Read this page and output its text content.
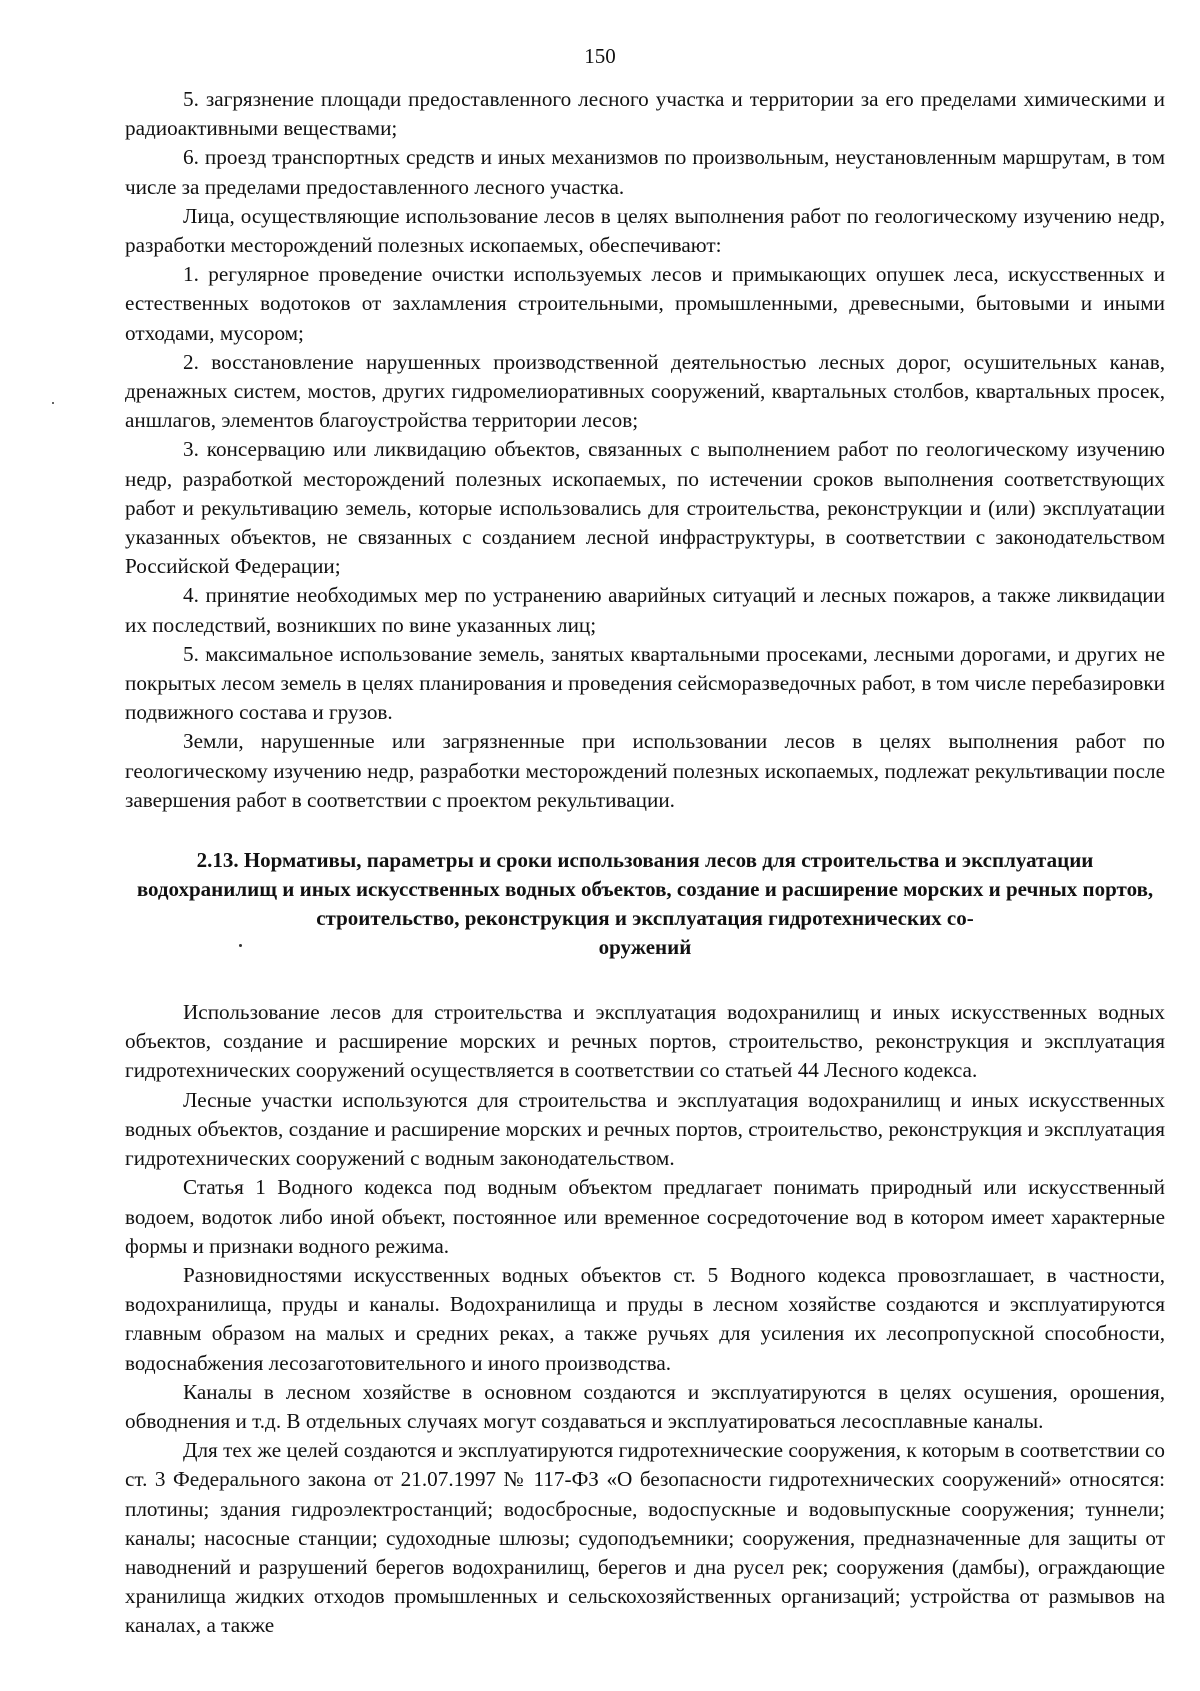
150

5. загрязнение площади предоставленного лесного участка и территории за его пределами химическими и радиоактивными веществами;

6. проезд транспортных средств и иных механизмов по произвольным, неустановленным маршрутам, в том числе за пределами предоставленного лесного участка.

Лица, осуществляющие использование лесов в целях выполнения работ по геологическому изучению недр, разработки месторождений полезных ископаемых, обеспечивают:

1. регулярное проведение очистки используемых лесов и примыкающих опушек леса, искусственных и естественных водотоков от захламления строительными, промышленными, древесными, бытовыми и иными отходами, мусором;

2. восстановление нарушенных производственной деятельностью лесных дорог, осушительных канав, дренажных систем, мостов, других гидромелиоративных сооружений, квартальных столбов, квартальных просек, аншлагов, элементов благоустройства территории лесов;

3. консервацию или ликвидацию объектов, связанных с выполнением работ по геологическому изучению недр, разработкой месторождений полезных ископаемых, по истечении сроков выполнения соответствующих работ и рекультивацию земель, которые использовались для строительства, реконструкции и (или) эксплуатации указанных объектов, не связанных с созданием лесной инфраструктуры, в соответствии с законодательством Российской Федерации;

4. принятие необходимых мер по устранению аварийных ситуаций и лесных пожаров, а также ликвидации их последствий, возникших по вине указанных лиц;

5. максимальное использование земель, занятых квартальными просеками, лесными дорогами, и других не покрытых лесом земель в целях планирования и проведения сейсморазведочных работ, в том числе перебазировки подвижного состава и грузов.

Земли, нарушенные или загрязненные при использовании лесов в целях выполнения работ по геологическому изучению недр, разработки месторождений полезных ископаемых, подлежат рекультивации после завершения работ в соответствии с проектом рекультивации.

2.13. Нормативы, параметры и сроки использования лесов для строительства и эксплуатации водохранилищ и иных искусственных водных объектов, создание и расширение морских и речных портов, строительство, реконструкция и эксплуатация гидротехнических со-
оружений

Использование лесов для строительства и эксплуатация водохранилищ и иных искусственных водных объектов, создание и расширение морских и речных портов, строительство, реконструкция и эксплуатация гидротехнических сооружений осуществляется в соответствии со статьей 44 Лесного кодекса.

Лесные участки используются для строительства и эксплуатация водохранилищ и иных искусственных водных объектов, создание и расширение морских и речных портов, строительство, реконструкция и эксплуатация гидротехнических сооружений с водным законодательством.

Статья 1 Водного кодекса под водным объектом предлагает понимать природный или искусственный водоем, водоток либо иной объект, постоянное или временное сосредоточение вод в котором имеет характерные формы и признаки водного режима.

Разновидностями искусственных водных объектов ст. 5 Водного кодекса провозглашает, в частности, водохранилища, пруды и каналы. Водохранилища и пруды в лесном хозяйстве создаются и эксплуатируются главным образом на малых и средних реках, а также ручьях для усиления их лесопропускной способности, водоснабжения лесозаготовительного и иного производства.

Каналы в лесном хозяйстве в основном создаются и эксплуатируются в целях осушения, орошения, обводнения и т.д. В отдельных случаях могут создаваться и эксплуатироваться лесосплавные каналы.

Для тех же целей создаются и эксплуатируются гидротехнические сооружения, к которым в соответствии со ст. 3 Федерального закона от 21.07.1997 № 117-ФЗ «О безопасности гидротехнических сооружений» относятся: плотины; здания гидроэлектростанций; водосбросные, водоспускные и водовыпускные сооружения; туннели; каналы; насосные станции; судоходные шлюзы; судоподъемники; сооружения, предназначенные для защиты от наводнений и разрушений берегов водохранилищ, берегов и дна русел рек; сооружения (дамбы), ограждающие хранилища жидких отходов промышленных и сельскохозяйственных организаций; устройства от размывов на каналах, а также
